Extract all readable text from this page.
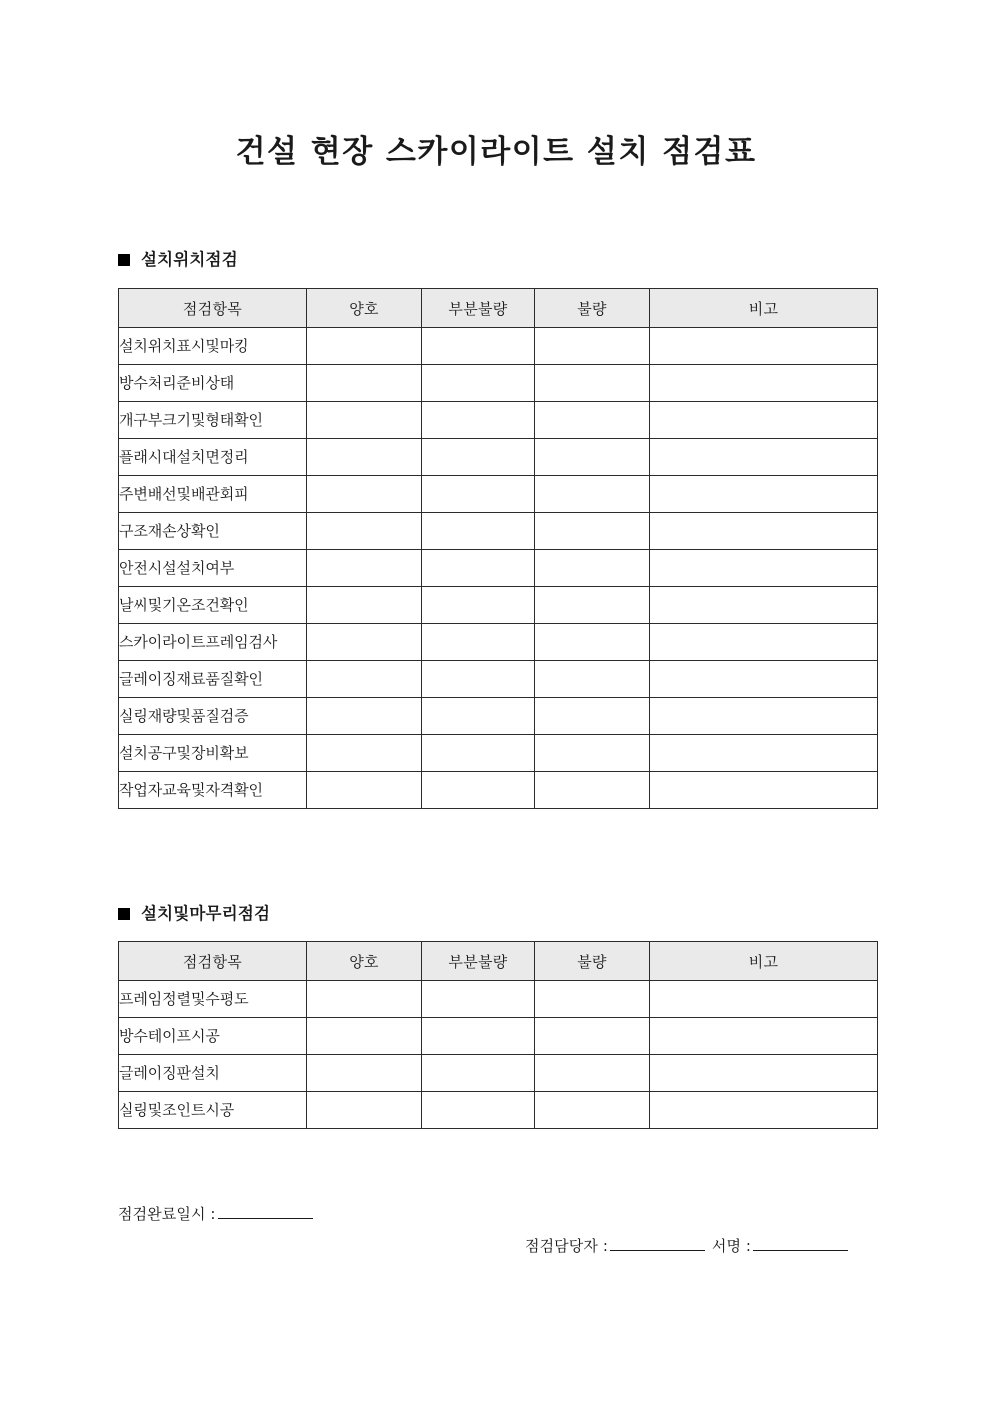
건설 현장 스카이라이트 설치 점검표
설치위치점검
점검항목	양호	부분불량	불량	비고
설치위치표시및마킹				
방수처리준비상태				
개구부크기및형태확인				
플래시대설치면정리				
주변배선및배관회피				
구조재손상확인				
안전시설설치여부				
날씨및기온조건확인				
스카이라이트프레임검사				
글레이징재료품질확인				
실링재량및품질검증				
설치공구및장비확보				
작업자교육및자격확인				
설치및마무리점검
점검항목	양호	부분불량	불량	비고
프레임정렬및수평도				
방수테이프시공				
글레이징판설치				
실링및조인트시공				
점검완료일시 :
점검담당자 :	서명 :
